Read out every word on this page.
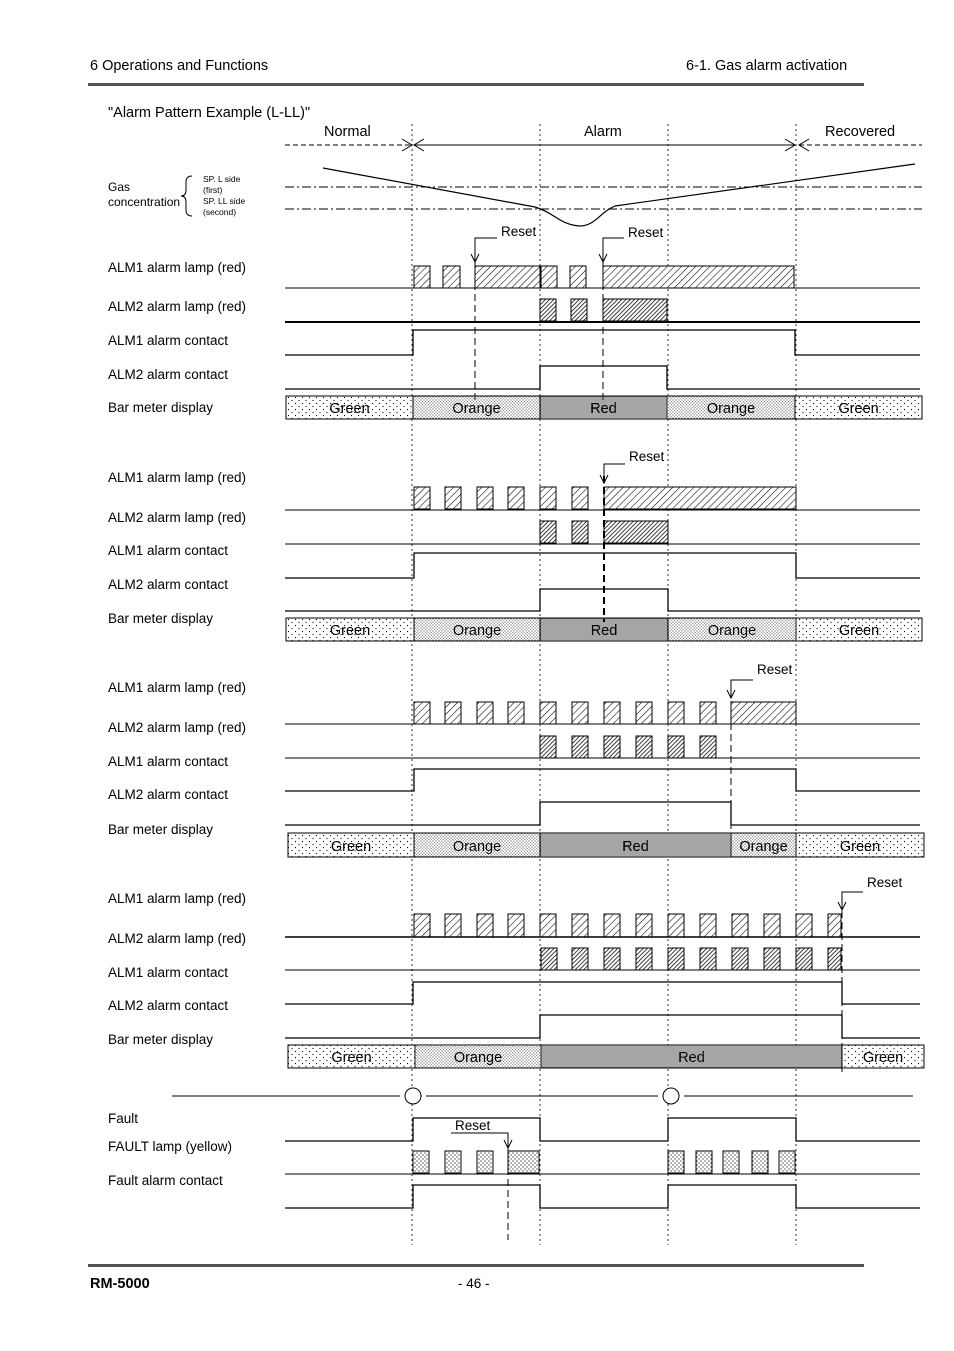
6 Operations and Functions	6-1. Gas alarm activation
"Alarm Pattern Example (L-LL)"
Normal	Alarm	Recovered
Gas
concentration
SP. L side
(first)
SP. LL side
(second)
ALM1 alarm lamp (red)
ALM2 alarm lamp (red)
ALM1 alarm contact
ALM2 alarm contact
Bar meter display
ALM1 alarm lamp (red)
ALM2 alarm lamp (red)
ALM1 alarm contact
ALM2 alarm contact
Bar meter display
ALM1 alarm lamp (red)
ALM2 alarm lamp (red)
ALM1 alarm contact
ALM2 alarm contact
Bar meter display
ALM1 alarm lamp (red)
ALM2 alarm lamp (red)
ALM1 alarm contact
ALM2 alarm contact
Bar meter display
Fault
FAULT lamp (yellow)
Fault alarm contact
RM-5000	- 46 -
Reset	Reset
Reset
Reset
Reset
Reset
Green	Orange	Red	Orange	Green
Green	Orange	Red	Orange	Green
Green	Orange	Red	Orange	Green
Green	Orange	Red	Green
